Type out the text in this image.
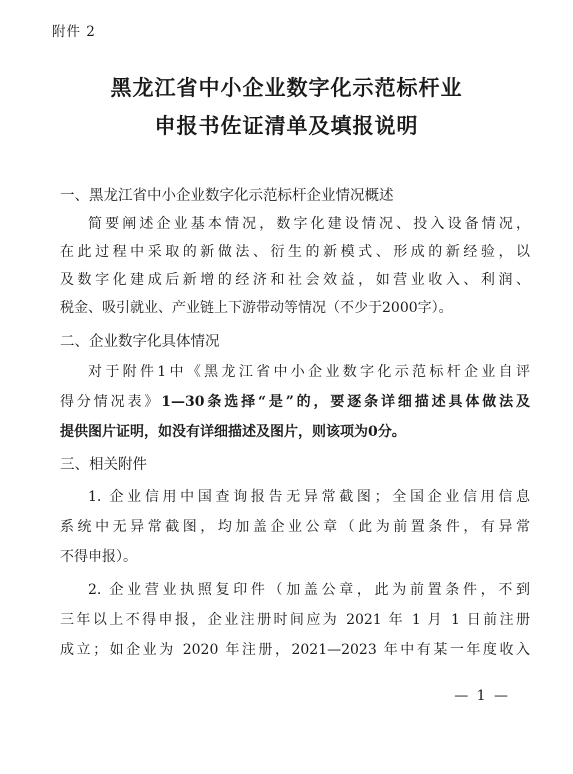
附件 2
黑龙江省中小企业数字化示范标杆业
申报书佐证清单及填报说明
一、黑龙江省中小企业数字化示范标杆企业情况概述
简要阐述企业基本情况，数字化建设情况、投入设备情况，
在此过程中采取的新做法、衍生的新模式、形成的新经验，以
及数字化建成后新增的经济和社会效益，如营业收入、利润、
税金、吸引就业、产业链上下游带动等情况（不少于2000字）。
二、企业数字化具体情况
对于附件1中《黑龙江省中小企业数字化示范标杆企业自评
得分情况表》1—30条选择“是”的，要逐条详细描述具体做法及
提供图片证明，如没有详细描述及图片，则该项为0分。
三、相关附件
1. 企业信用中国查询报告无异常截图；全国企业信用信息
系统中无异常截图，均加盖企业公章（此为前置条件，有异常
不得申报）。
2. 企业营业执照复印件（加盖公章，此为前置条件，不到
三年以上不得申报，企业注册时间应为 2021 年 1 月 1 日前注册
成立；如企业为 2020 年注册，2021—2023 年中有某一年度收入
— 1 —
